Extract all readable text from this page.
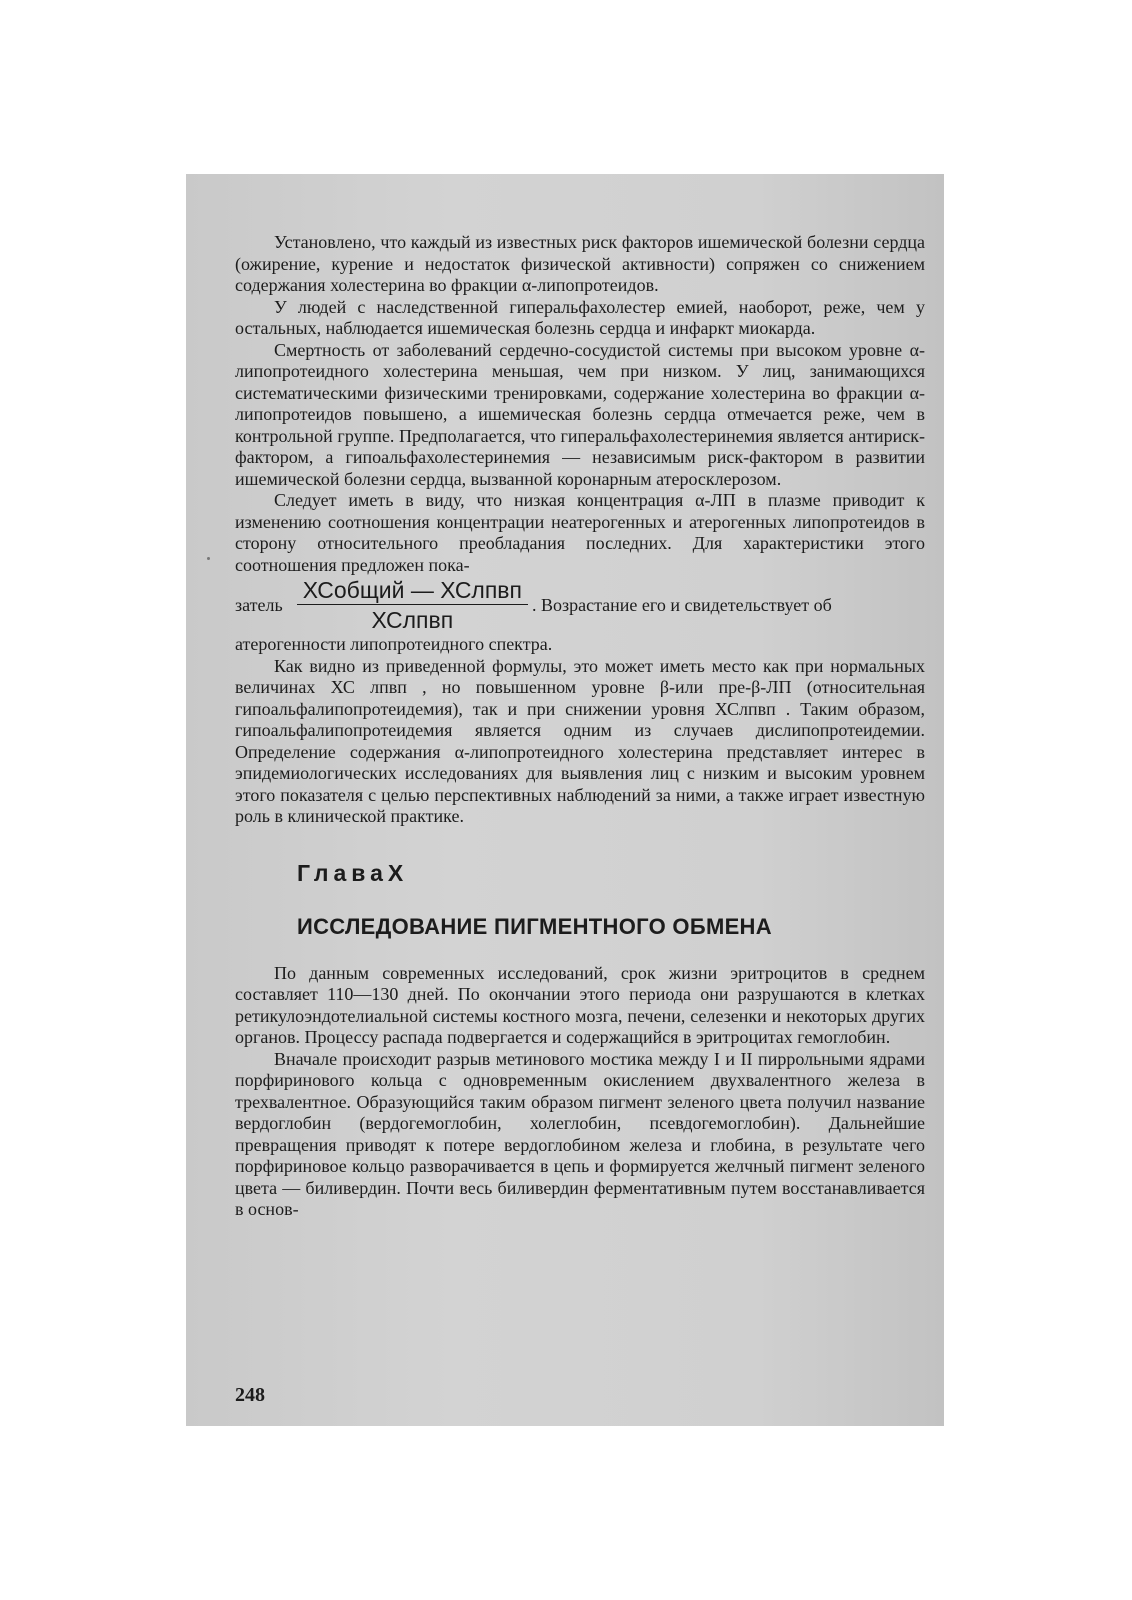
Установлено, что каждый из известных риск факторов ишемической болезни сердца (ожирение, курение и недостаток физической активности) сопряжен со снижением содержания холестерина во фракции α-липопротеидов.

У людей с наследственной гиперальфахолестер емией, наоборот, реже, чем у остальных, наблюдается ишемическая болезнь сердца и инфаркт миокарда.

Смертность от заболеваний сердечно-сосудистой системы при высоком уровне α-липопротеидного холестерина меньшая, чем при низком. У лиц, занимающихся систематическими физическими тренировками, содержание холестерина во фракции α-липопротеидов повышено, а ишемическая болезнь сердца отмечается реже, чем в контрольной группе. Предполагается, что гиперальфахолестеринемия является антириск-фактором, а гипоальфахолестеринемия — независимым риск-фактором в развитии ишемической болезни сердца, вызванной коронарным атеросклерозом.

Следует иметь в виду, что низкая концентрация α-ЛП в плазме приводит к изменению соотношения концентрации неатерогенных и атерогенных липопротеидов в сторону относительного преобладания последних. Для характеристики этого соотношения предложен пока-

затель $\frac{\text{ХСобщий — ХСлпвп}}{\text{ХСлпвп}}$ . Возрастание его и свидетельствует об
атерогенности липопротеидного спектра.

Как видно из приведенной формулы, это может иметь место как при нормальных величинах ХС лпвп , но повышенном уровне β-или пре-β-ЛП (относительная гипоальфалипопротеидемия), так и при снижении уровня ХСлпвп . Таким образом, гипоальфалипопротеидемия является одним из случаев дислипопротеидемии. Определение содержания α-липопротеидного холестерина представляет интерес в эпидемиологических исследованиях для выявления лиц с низким и высоким уровнем этого показателя с целью перспективных наблюдений за ними, а также играет известную роль в клинической практике.

ГлаваX
ИССЛЕДОВАНИЕ ПИГМЕНТНОГО ОБМЕНА

По данным современных исследований, срок жизни эритроцитов в среднем составляет 110—130 дней. По окончании этого периода они разрушаются в клетках ретикулоэндотелиальной системы костного мозга, печени, селезенки и некоторых других органов. Процессу распада подвергается и содержащийся в эритроцитах гемоглобин.

Вначале происходит разрыв метинового мостика между I и II пиррольными ядрами порфиринового кольца с одновременным окислением двухвалентного железа в трехвалентное. Образующийся таким образом пигмент зеленого цвета получил название вердоглобин (вердогемоглобин, холеглобин, псевдогемоглобин). Дальнейшие превращения приводят к потере вердоглобином железа и глобина, в результате чего порфириновое кольцо разворачивается в цепь и формируется желчный пигмент зеленого цвета — биливердин. Почти весь биливердин ферментативным путем восстанавливается в основ-

248
